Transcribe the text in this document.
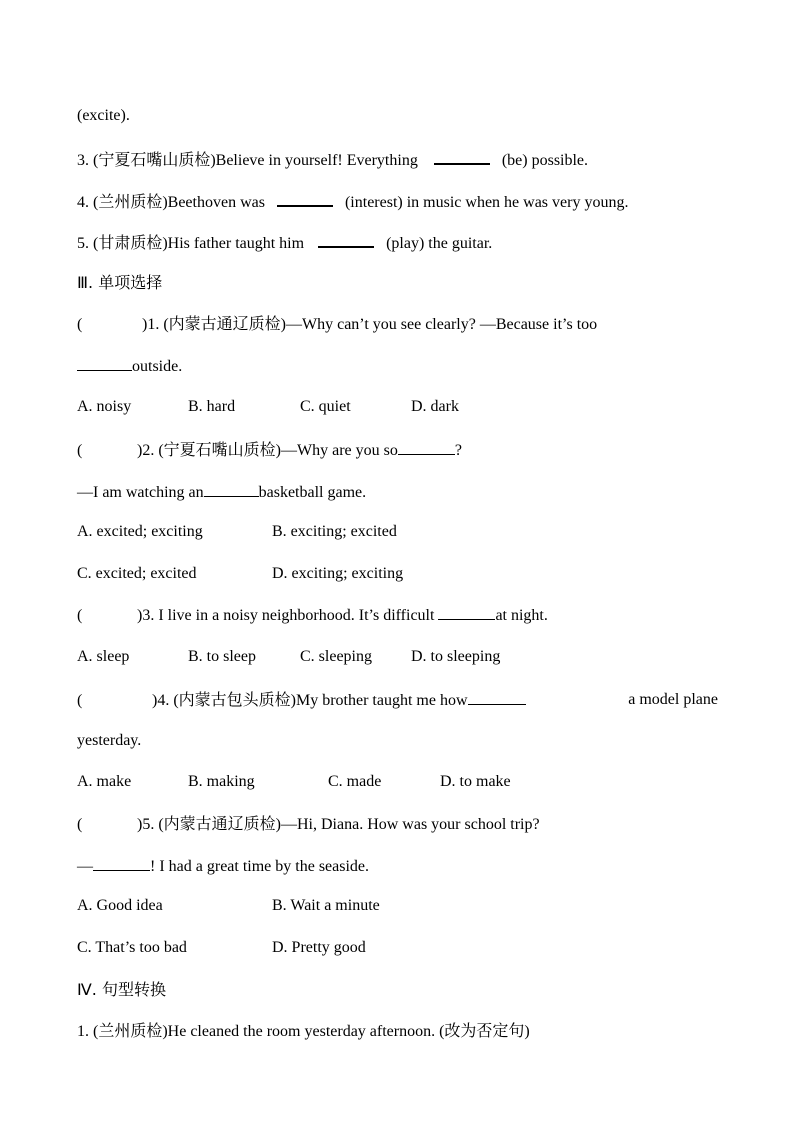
(excite).
3. (宁夏石嘴山质检)Believe in yourself! Everything	(be) possible.
4. (兰州质检)Beethoven was	(interest) in music when he was very young.
5. (甘肃质检)His father taught him	(play) the guitar.
Ⅲ. 单项选择
(	)1. (内蒙古通辽质检)—Why can’t you see clearly? —Because it’s too
outside.
A. noisy	B. hard	C. quiet	D. dark
(	)2. (宁夏石嘴山质检)—Why are you so	?
—I am watching an	basketball game.
A. excited; exciting	B. exciting; excited
C. excited; excited	D. exciting; exciting
(	)3. I live in a noisy neighborhood. It’s difficult	at night.
A. sleep	B. to sleep	C. sleeping D. to sleeping
(	)4. (内蒙古包头质检)My brother taught me how	a model plane
yesterday.
A. make	B. making	C. made	D. to make
(	)5. (内蒙古通辽质检)—Hi, Diana. How was your school trip?
—	! I had a great time by the seaside.
A. Good idea	B. Wait a minute
C. That’s too bad	D. Pretty good
Ⅳ. 句型转换
1. (兰州质检)He cleaned the room yesterday afternoon. (改为否定句)
